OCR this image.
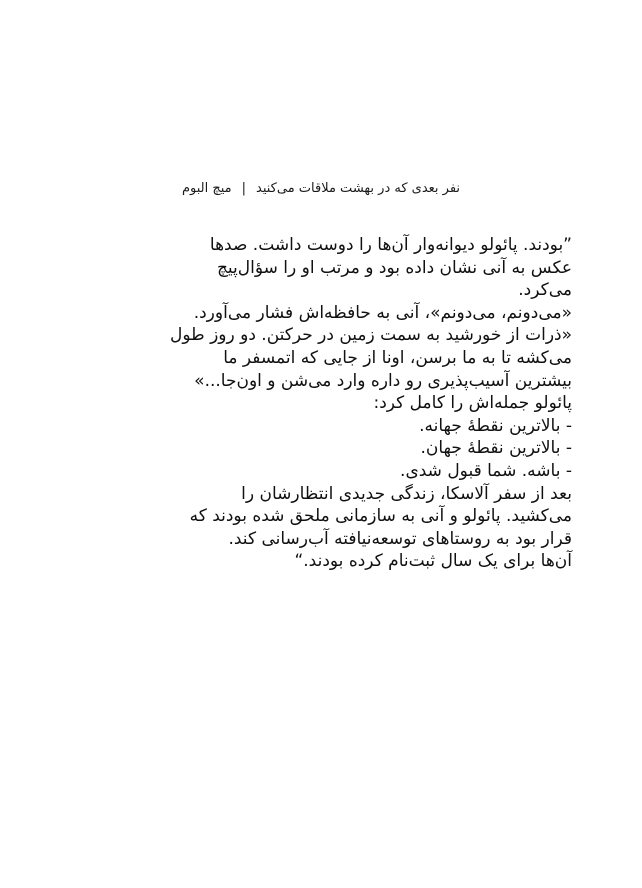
نفر بعدی که در بهشت ملاقات می‌کنید|میچ البوم
”بودند. پائولو دیوانه‌وار آن‌ها را دوست داشت. صدها
عکس به آنی نشان داده بود و مرتب او را سؤال‌پیچ
می‌کرد.
«می‌دونم، می‌دونم»، آنی به حافظه‌اش فشار می‌آورد.
«ذرات از خورشید به سمت زمین در حرکتن. دو روز طول
می‌کشه تا به ما برسن، اونا از جایی که اتمسفر ما
بیشترین آسیب‌پذیری رو داره وارد می‌شن و اون‌جا...»
پائولو جمله‌اش را کامل کرد:
- بالاترین نقطهٔ جهانه.
- بالاترین نقطهٔ جهان.
- باشه. شما قبول شدی.
بعد از سفر آلاسکا، زندگی جدیدی انتظارشان را
می‌کشید. پائولو و آنی به سازمانی ملحق شده بودند که
قرار بود به روستاهای توسعه‌نیافته آب‌رسانی کند.
آن‌ها برای یک سال ثبت‌نام کرده بودند.“
